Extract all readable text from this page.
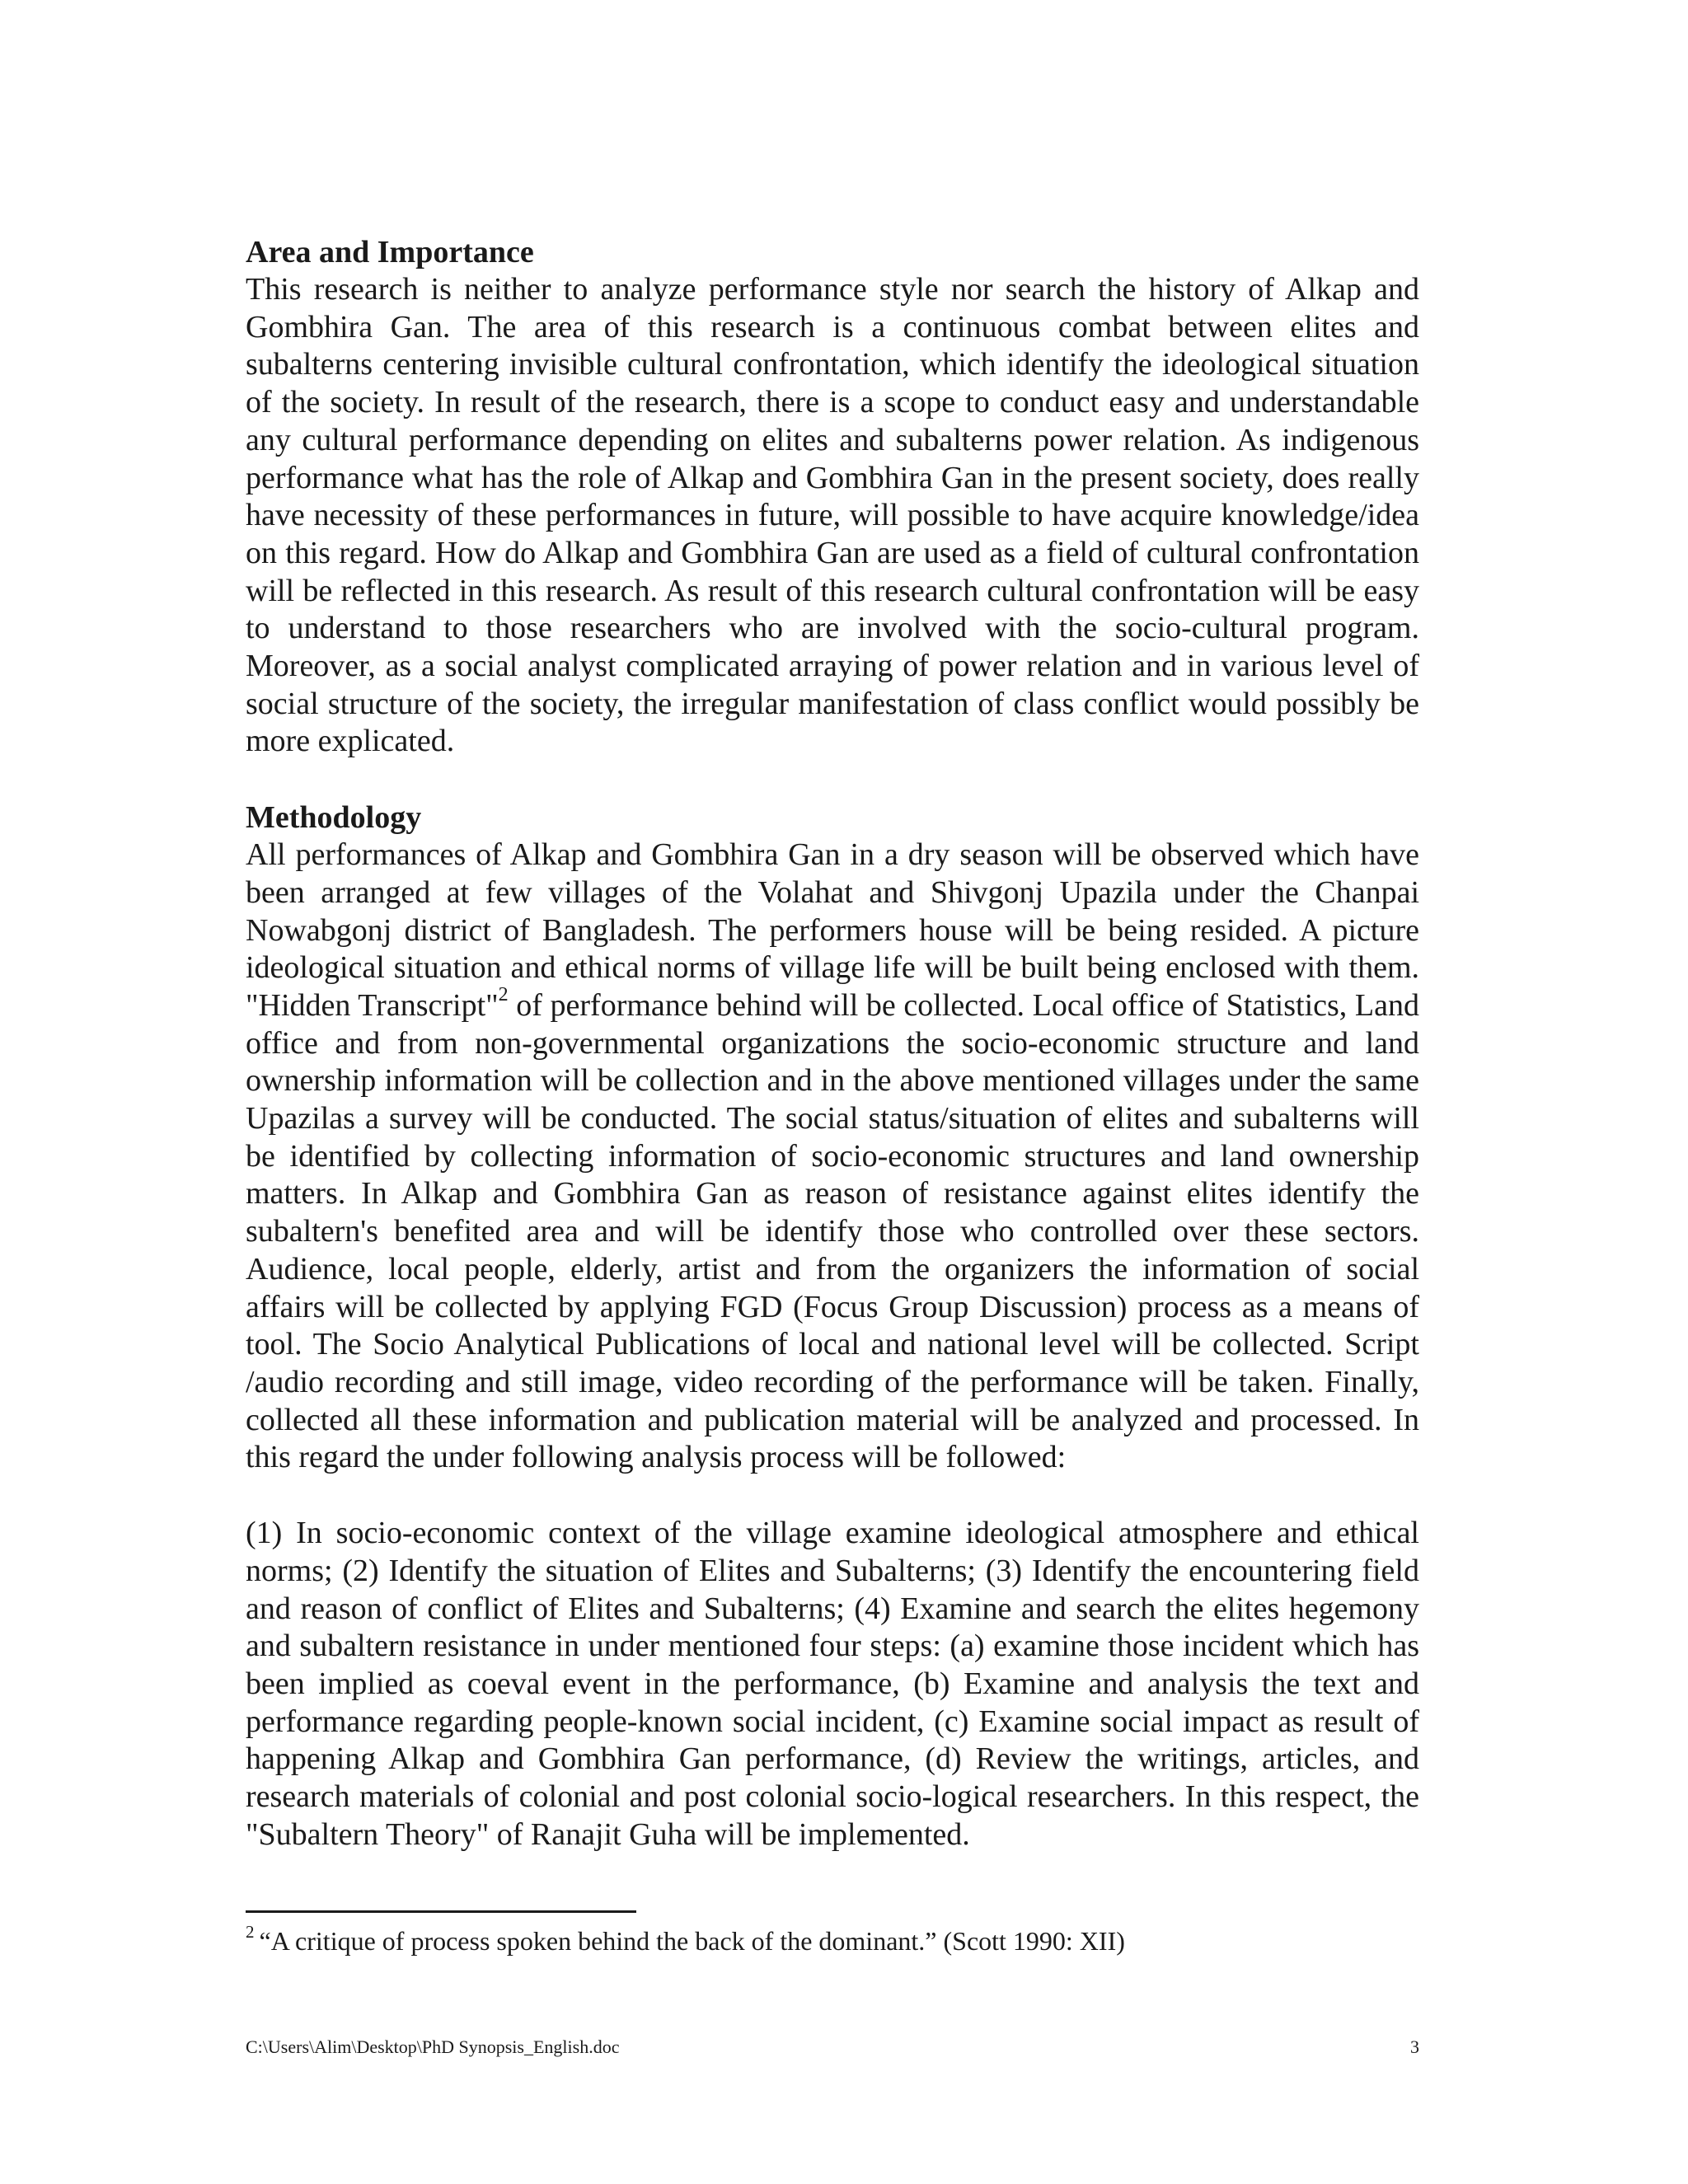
Area and Importance

This research is neither to analyze performance style nor search the history of Alkap and Gombhira Gan. The area of this research is a continuous combat between elites and subalterns centering invisible cultural confrontation, which identify the ideological situation of the society. In result of the research, there is a scope to conduct easy and understandable any cultural performance depending on elites and subalterns power relation. As indigenous performance what has the role of Alkap and Gombhira Gan in the present society, does really have necessity of these performances in future, will possible to have acquire knowledge/idea on this regard. How do Alkap and Gombhira Gan are used as a field of cultural confrontation will be reflected in this research. As result of this research cultural confrontation will be easy to understand to those researchers who are involved with the socio-cultural program. Moreover, as a social analyst complicated arraying of power relation and in various level of social structure of the society, the irregular manifestation of class conflict would possibly be more explicated.

Methodology

All performances of Alkap and Gombhira Gan in a dry season will be observed which have been arranged at few villages of the Volahat and Shivgonj Upazila under the Chanpai Nowabgonj district of Bangladesh. The performers house will be being resided. A picture ideological situation and ethical norms of village life will be built being enclosed with them. "Hidden Transcript"$^2$ of performance behind will be collected. Local office of Statistics, Land office and from non-governmental organizations the socio-economic structure and land ownership information will be collection and in the above mentioned villages under the same Upazilas a survey will be conducted. The social status/situation of elites and subalterns will be identified by collecting information of socio-economic structures and land ownership matters. In Alkap and Gombhira Gan as reason of resistance against elites identify the subaltern's benefited area and will be identify those who controlled over these sectors. Audience, local people, elderly, artist and from the organizers the information of social affairs will be collected by applying FGD (Focus Group Discussion) process as a means of tool. The Socio Analytical Publications of local and national level will be collected. Script /audio recording and still image, video recording of the performance will be taken. Finally, collected all these information and publication material will be analyzed and processed. In this regard the under following analysis process will be followed:

(1) In socio-economic context of the village examine ideological atmosphere and ethical norms; (2) Identify the situation of Elites and Subalterns; (3) Identify the encountering field and reason of conflict of Elites and Subalterns; (4) Examine and search the elites hegemony and subaltern resistance in under mentioned four steps: (a) examine those incident which has been implied as coeval event in the performance, (b) Examine and analysis the text and performance regarding people-known social incident, (c) Examine social impact as result of happening Alkap and Gombhira Gan performance, (d) Review the writings, articles, and research materials of colonial and post colonial socio-logical researchers. In this respect, the "Subaltern Theory" of Ranajit Guha will be implemented.

$^2$ “A critique of process spoken behind the back of the dominant.” (Scott 1990: XII)
C:\Users\Alim\Desktop\PhD Synopsis_English.doc	3
